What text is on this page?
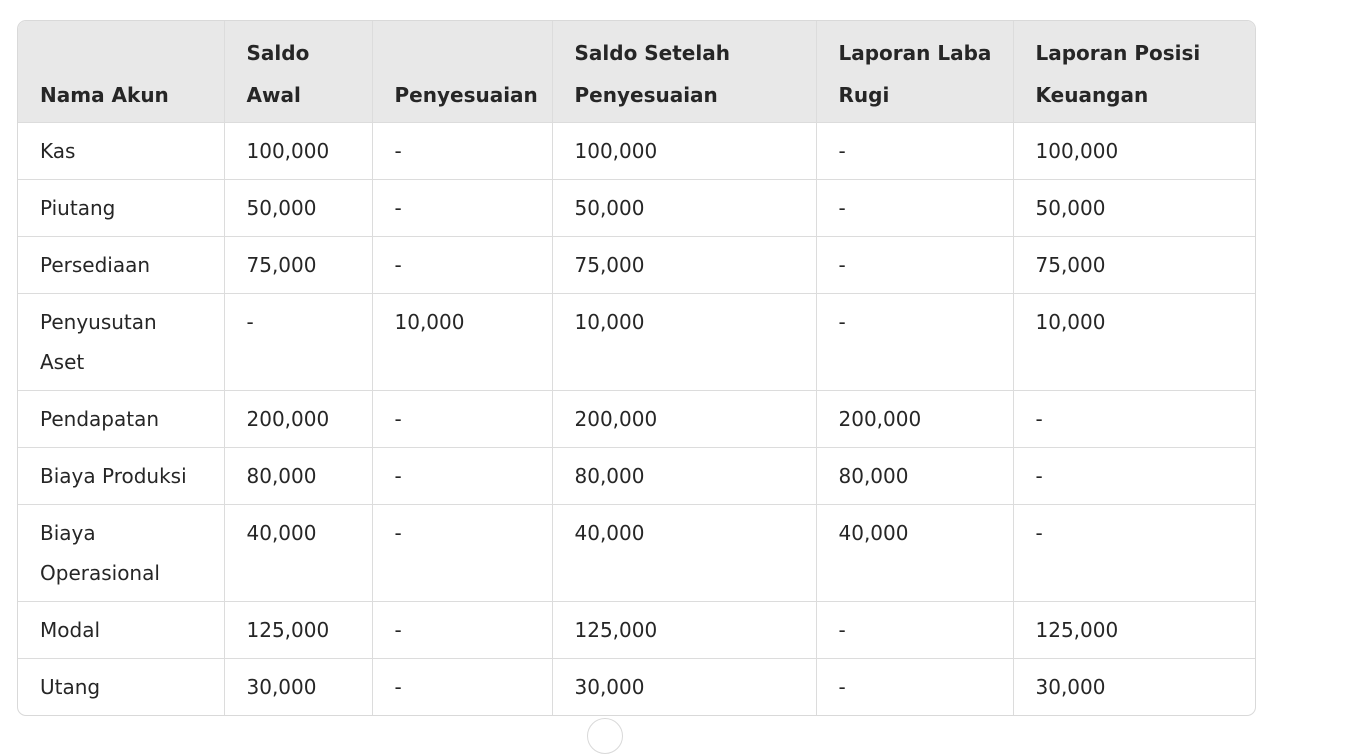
Nama Akun	Saldo Awal	Penyesuaian	Saldo Setelah Penyesuaian	Laporan Laba Rugi	Laporan Posisi Keuangan
Kas	100,000	-	100,000	-	100,000
Piutang	50,000	-	50,000	-	50,000
Persediaan	75,000	-	75,000	-	75,000
Penyusutan Aset	-	10,000	10,000	-	10,000
Pendapatan	200,000	-	200,000	200,000	-
Biaya Produksi	80,000	-	80,000	80,000	-
Biaya Operasional	40,000	-	40,000	40,000	-
Modal	125,000	-	125,000	-	125,000
Utang	30,000	-	30,000	-	30,000
